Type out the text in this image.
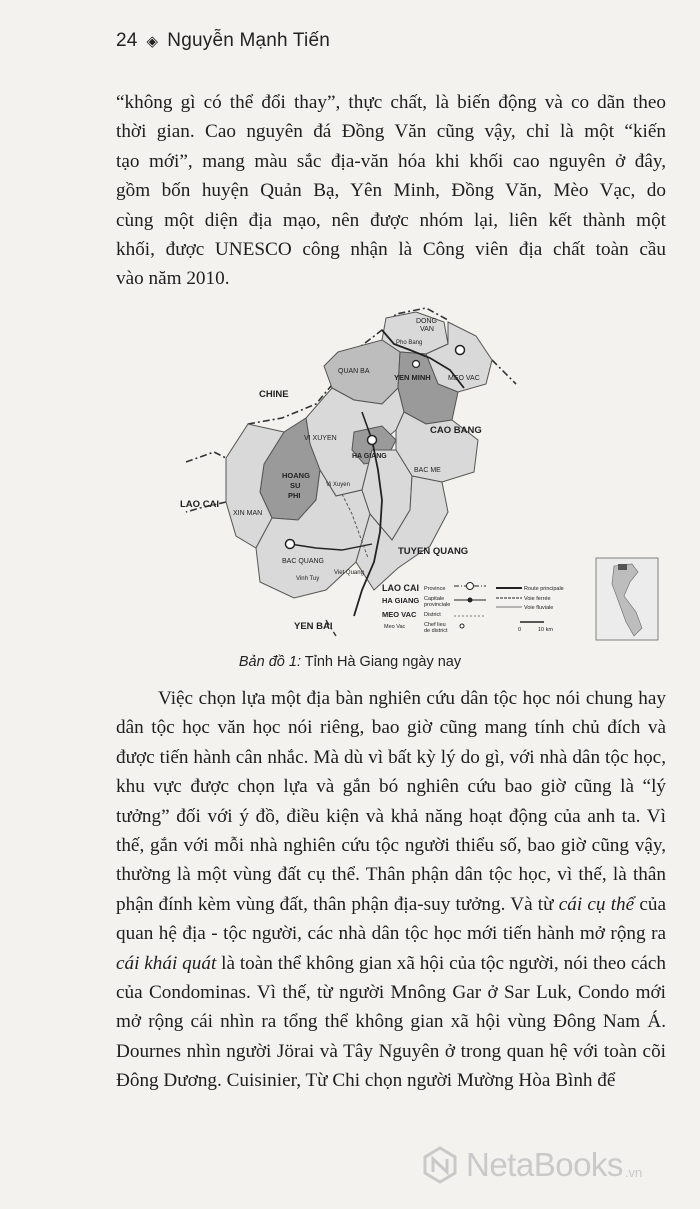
24 ◈ Nguyễn Mạnh Tiến

“không gì có thể đổi thay”, thực chất, là biến động và co dãn theo

thời gian. Cao nguyên đá Đồng Văn cũng vậy, chỉ là một “kiến

tạo mới”, mang màu sắc địa-văn hóa khi khối cao nguyên ở đây,

gồm bốn huyện Quản Bạ, Yên Minh, Đồng Văn, Mèo Vạc, do

cùng một diện địa mạo, nên được nhóm lại, liên kết thành một

khối, được UNESCO công nhận là Công viên địa chất toàn cầu

vào năm 2010.

CHINE
CAO BANG
LAO CAI
TUYEN QUANG
YEN BAI
DONG
VAN
Pho Bang
QUAN BA
YEN MINH MEO VAC
VI XUYEN
HA GIANG
BAC ME
Vi Xuyen
HOANG
SU
PHI
XIN MAN
BAC QUANG
Vinh Tuy
Viet Quang
LAO CAI Province
HA GIANG Capitale
provinciale
MEO VAC District
Meo Vac	Chef lieu
de district
Route principale
Voie ferrée
Voie fluviale
0	10 km
Bản đồ 1: Tỉnh Hà Giang ngày nay

Việc chọn lựa một địa bàn nghiên cứu dân tộc học nói chung hay dân tộc học văn học nói riêng, bao giờ cũng mang tính chủ đích và được tiến hành cân nhắc. Mà dù vì bất kỳ lý do gì, với nhà dân tộc học, khu vực được chọn lựa và gắn bó nghiên cứu bao giờ cũng là “lý tưởng” đối với ý đồ, điều kiện và khả năng hoạt động của anh ta. Vì thế, gắn với mỗi nhà nghiên cứu tộc người thiểu số, bao giờ cũng vậy, thường là một vùng đất cụ thể. Thân phận dân tộc học, vì thế, là thân phận đính kèm vùng đất, thân phận địa-suy tưởng. Và từ cái cụ thể của quan hệ địa - tộc người, các nhà dân tộc học mới tiến hành mở rộng ra cái khái quát là toàn thể không gian xã hội của tộc người, nói theo cách của Condominas. Vì thế, từ người Mnông Gar ở Sar Luk, Condo mới mở rộng cái nhìn ra tổng thể không gian xã hội vùng Đông Nam Á. Dournes nhìn người Jörai và Tây Nguyên ở trong quan hệ với toàn cõi Đông Dương. Cuisinier, Từ Chi chọn người Mường Hòa Bình để

NetaBooks .vn
